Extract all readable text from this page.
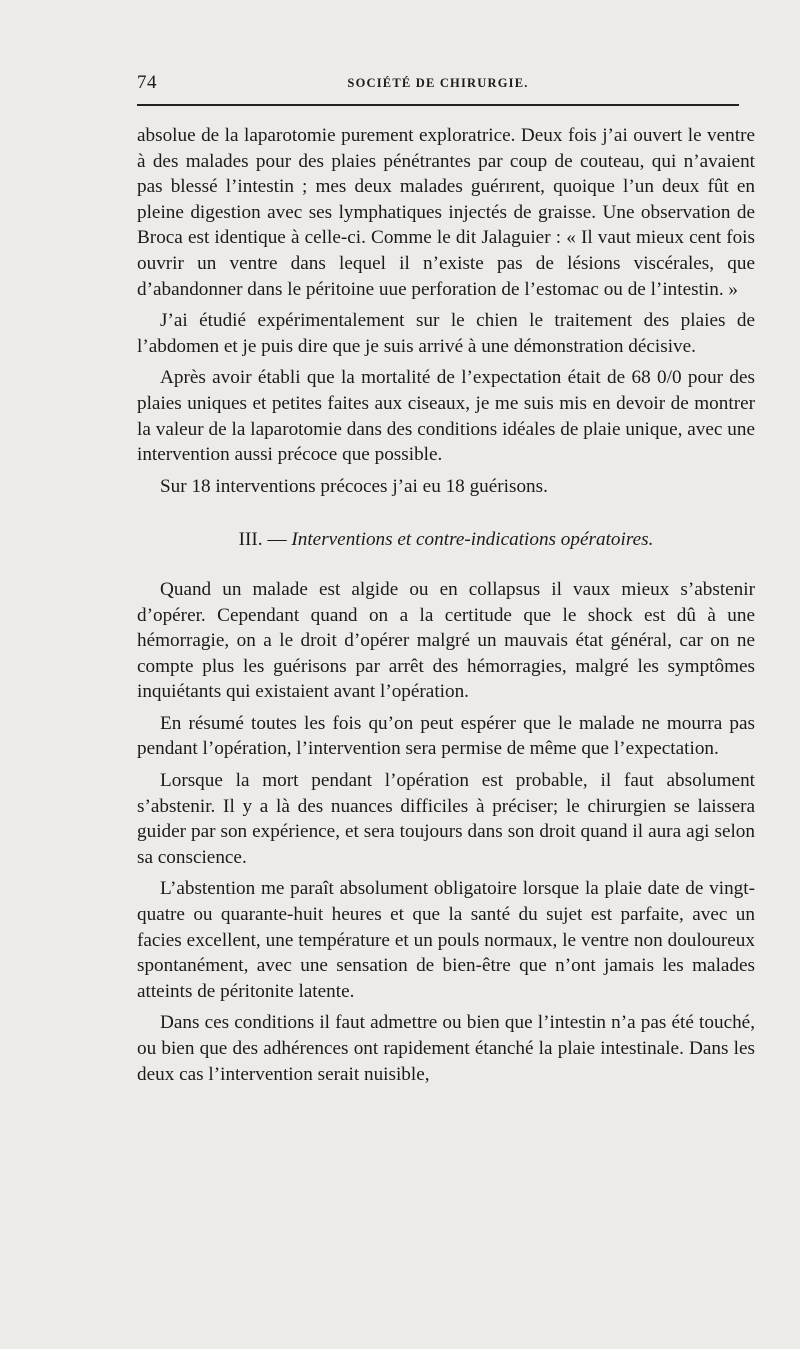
74	SOCIÉTÉ DE CHIRURGIE.

absolue de la laparotomie purement exploratrice. Deux fois j’ai ouvert le ventre à des malades pour des plaies pénétrantes par coup de couteau, qui n’avaient pas blessé l’intestin ; mes deux malades guérırent, quoique l’un deux fût en pleine digestion avec ses lymphatiques injectés de graisse. Une observation de Broca est identique à celle-ci. Comme le dit Jalaguier : « Il vaut mieux cent fois ouvrir un ventre dans lequel il n’existe pas de lésions viscérales, que d’abandonner dans le péritoine uue perforation de l’estomac ou de l’intestin. »

J’ai étudié expérimentalement sur le chien le traitement des plaies de l’abdomen et je puis dire que je suis arrivé à une démonstration décisive.

Après avoir établi que la mortalité de l’expectation était de 68 0/0 pour des plaies uniques et petites faites aux ciseaux, je me suis mis en devoir de montrer la valeur de la laparotomie dans des conditions idéales de plaie unique, avec une intervention aussi précoce que possible.

Sur 18 interventions précoces j’ai eu 18 guérisons.

III. — Interventions et contre-indications opératoires.

Quand un malade est algide ou en collapsus il vaux mieux s’abstenir d’opérer. Cependant quand on a la certitude que le shock est dû à une hémorragie, on a le droit d’opérer malgré un mauvais état général, car on ne compte plus les guérisons par arrêt des hémorragies, malgré les symptômes inquiétants qui existaient avant l’opération.

En résumé toutes les fois qu’on peut espérer que le malade ne mourra pas pendant l’opération, l’intervention sera permise de même que l’expectation.

Lorsque la mort pendant l’opération est probable, il faut absolument s’abstenir. Il y a là des nuances difficiles à préciser; le chirurgien se laissera guider par son expérience, et sera toujours dans son droit quand il aura agi selon sa conscience.

L’abstention me paraît absolument obligatoire lorsque la plaie date de vingt-quatre ou quarante-huit heures et que la santé du sujet est parfaite, avec un facies excellent, une température et un pouls normaux, le ventre non douloureux spontanément, avec une sensation de bien-être que n’ont jamais les malades atteints de péritonite latente.

Dans ces conditions il faut admettre ou bien que l’intestin n’a pas été touché, ou bien que des adhérences ont rapidement étanché la plaie intestinale. Dans les deux cas l’intervention serait nuisible,
